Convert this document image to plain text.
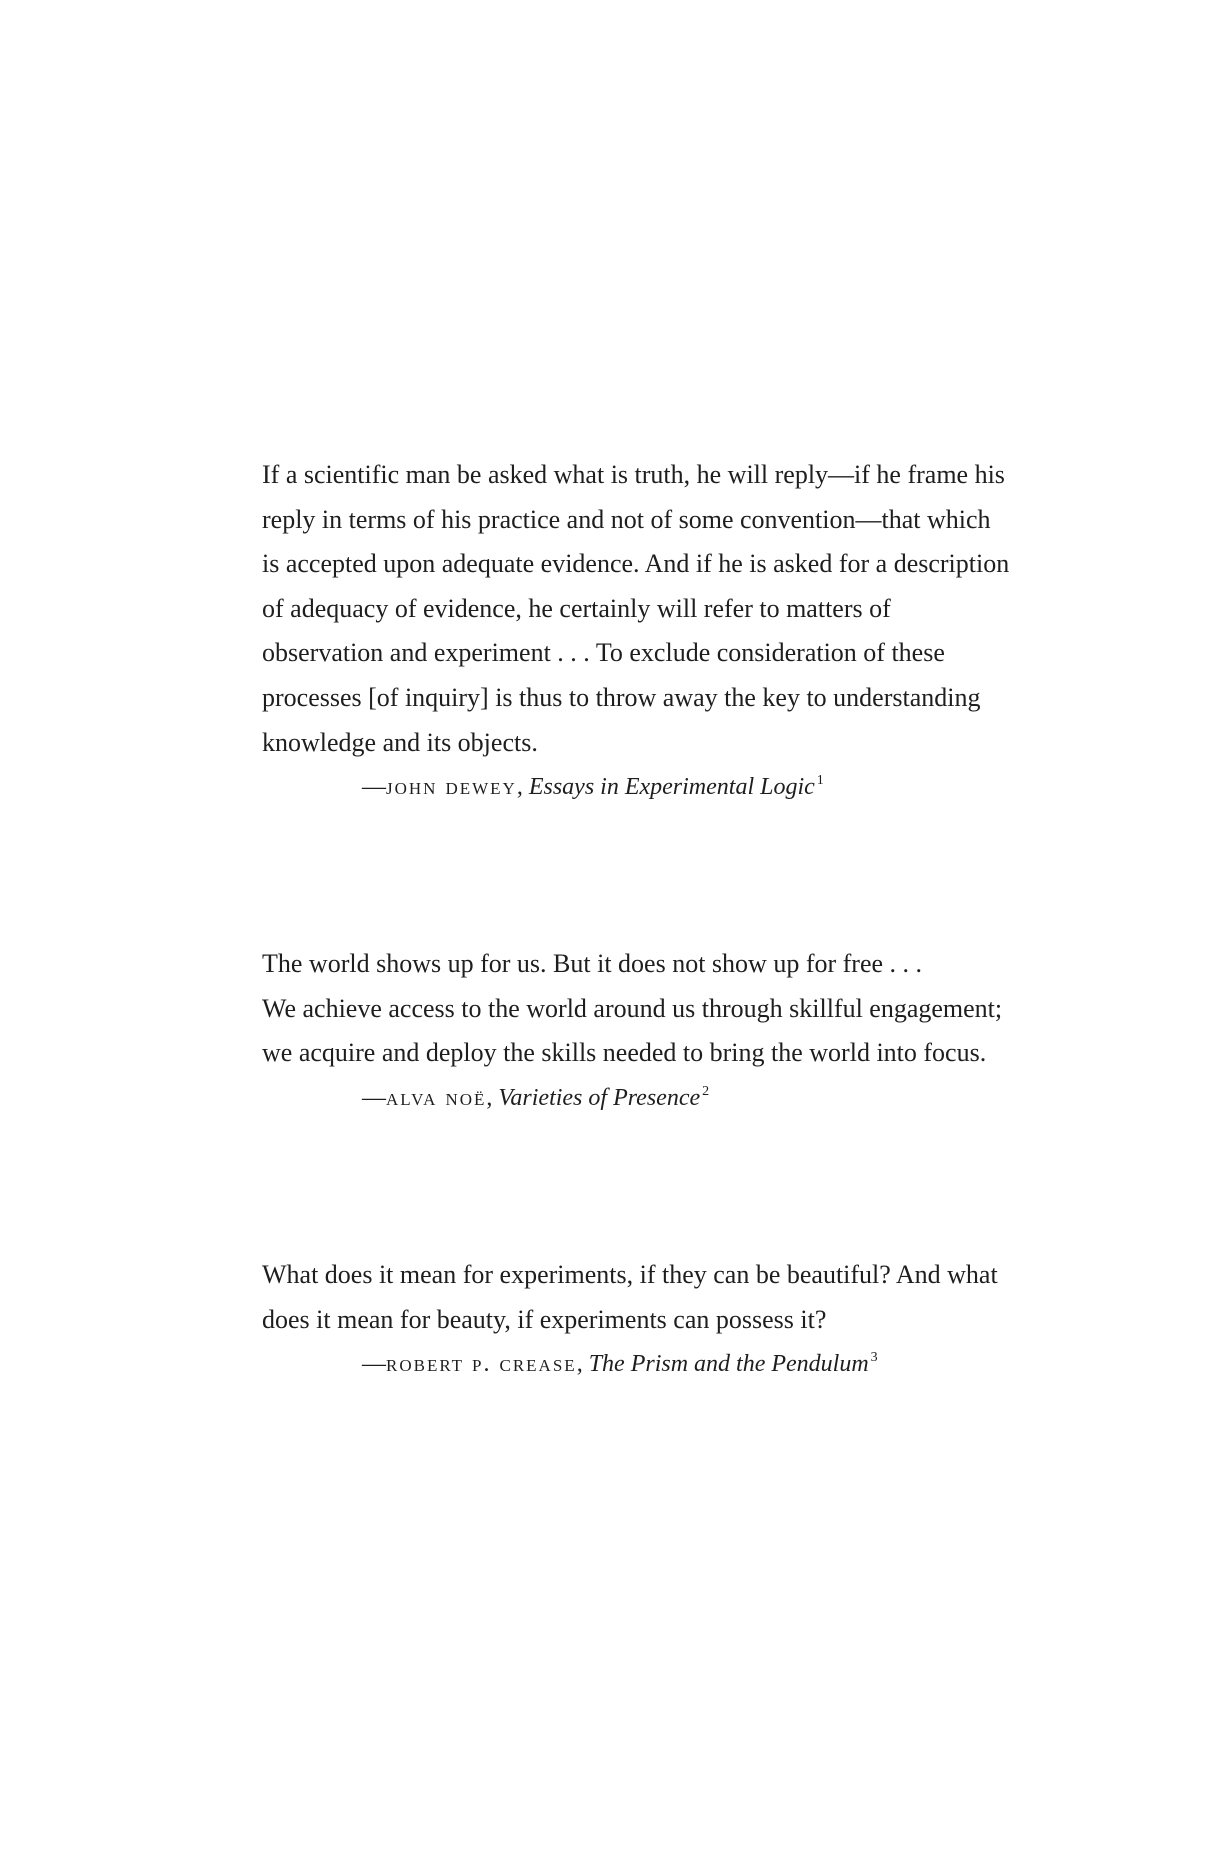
If a scientific man be asked what is truth, he will reply—if he frame his
reply in terms of his practice and not of some convention—that which
is accepted upon adequate evidence. And if he is asked for a description
of adequacy of evidence, he certainly will refer to matters of
observation and experiment . . . To exclude consideration of these
processes [of inquiry] is thus to throw away the key to understanding
knowledge and its objects.
—john dewey, Essays in Experimental Logic $^1$
The world shows up for us. But it does not show up for free . . .
We achieve access to the world around us through skillful engagement;
we acquire and deploy the skills needed to bring the world into focus.
—alva noë, Varieties of Presence $^2$
What does it mean for experiments, if they can be beautiful? And what
does it mean for beauty, if experiments can possess it?
—robert p. crease, The Prism and the Pendulum $^3$
